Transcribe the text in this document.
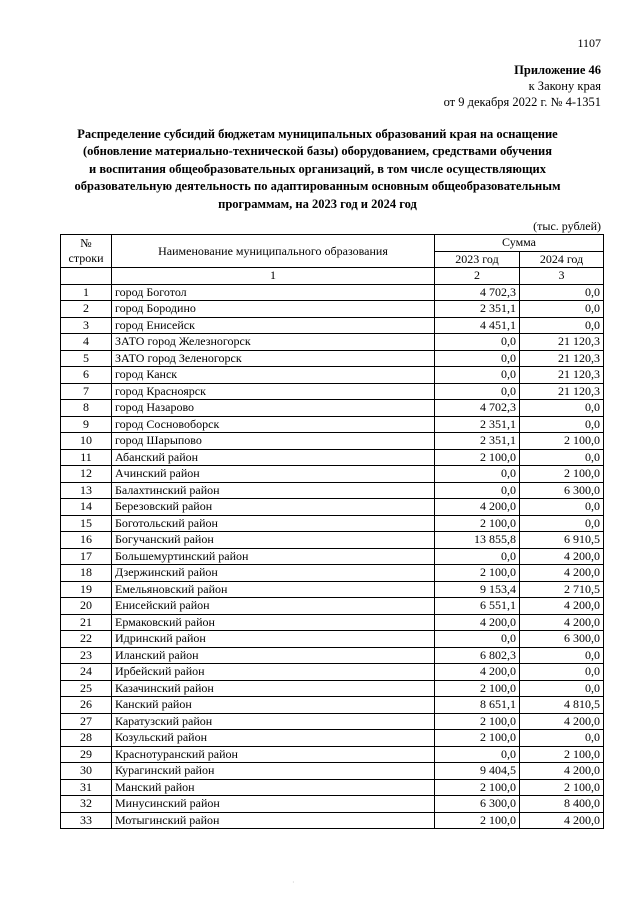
1107
Приложение 46
к Закону края
от 9 декабря 2022 г. № 4-1351
Распределение субсидий бюджетам муниципальных образований края на оснащение
(обновление материально-технической базы) оборудованием, средствами обучения
и воспитания общеобразовательных организаций, в том числе осуществляющих
образовательную деятельность по адаптированным основным общеобразовательным
программам, на 2023 год и 2024 год
(тыс. рублей)
№
строки	Наименование муниципального образования	Сумма	
		2023 год	2024 год
	1	2	3
1	город Боготол	4 702,3	0,0
2	город Бородино	2 351,1	0,0
3	город Енисейск	4 451,1	0,0
4	ЗАТО город Железногорск	0,0	21 120,3
5	ЗАТО город Зеленогорск	0,0	21 120,3
6	город Канск	0,0	21 120,3
7	город Красноярск	0,0	21 120,3
8	город Назарово	4 702,3	0,0
9	город Сосновоборск	2 351,1	0,0
10	город Шарыпово	2 351,1	2 100,0
11	Абанский район	2 100,0	0,0
12	Ачинский район	0,0	2 100,0
13	Балахтинский район	0,0	6 300,0
14	Березовский район	4 200,0	0,0
15	Боготольский район	2 100,0	0,0
16	Богучанский район	13 855,8	6 910,5
17	Большемуртинский район	0,0	4 200,0
18	Дзержинский район	2 100,0	4 200,0
19	Емельяновский район	9 153,4	2 710,5
20	Енисейский район	6 551,1	4 200,0
21	Ермаковский район	4 200,0	4 200,0
22	Идринский район	0,0	6 300,0
23	Иланский район	6 802,3	0,0
24	Ирбейский район	4 200,0	0,0
25	Казачинский район	2 100,0	0,0
26	Канский район	8 651,1	4 810,5
27	Каратузский район	2 100,0	4 200,0
28	Козульский район	2 100,0	0,0
29	Краснотуранский район	0,0	2 100,0
30	Курагинский район	9 404,5	4 200,0
31	Манский район	2 100,0	2 100,0
32	Минусинский район	6 300,0	8 400,0
33	Мотыгинский район	2 100,0	4 200,0
·
